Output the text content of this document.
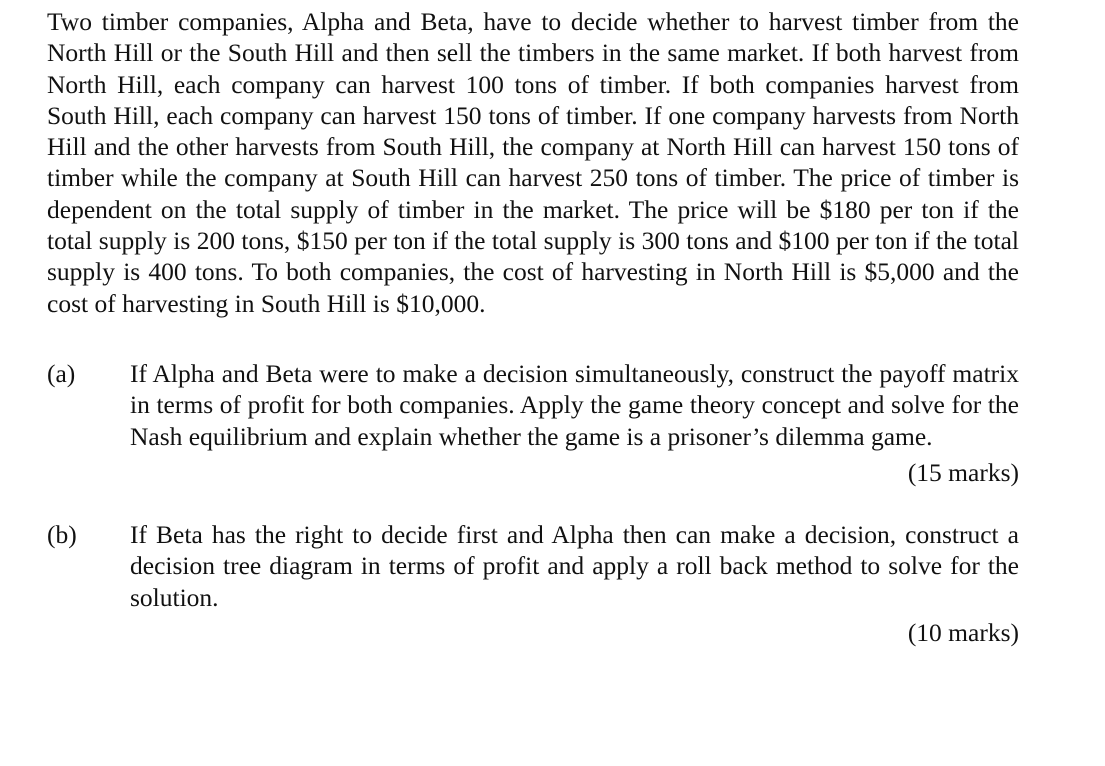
Two timber companies, Alpha and Beta, have to decide whether to harvest timber from the North Hill or the South Hill and then sell the timbers in the same market. If both harvest from North Hill, each company can harvest 100 tons of timber. If both companies harvest from South Hill, each company can harvest 150 tons of timber. If one company harvests from North Hill and the other harvests from South Hill, the company at North Hill can harvest 150 tons of timber while the company at South Hill can harvest 250 tons of timber. The price of timber is dependent on the total supply of timber in the market. The price will be $180 per ton if the total supply is 200 tons, $150 per ton if the total supply is 300 tons and $100 per ton if the total supply is 400 tons. To both companies, the cost of harvesting in North Hill is $5,000 and the cost of harvesting in South Hill is $10,000.

(a) If Alpha and Beta were to make a decision simultaneously, construct the payoff matrix in terms of profit for both companies. Apply the game theory concept and solve for the Nash equilibrium and explain whether the game is a prisoner’s dilemma game.
(15 marks)
(b) If Beta has the right to decide first and Alpha then can make a decision, construct a decision tree diagram in terms of profit and apply a roll back method to solve for the solution.
(10 marks)
